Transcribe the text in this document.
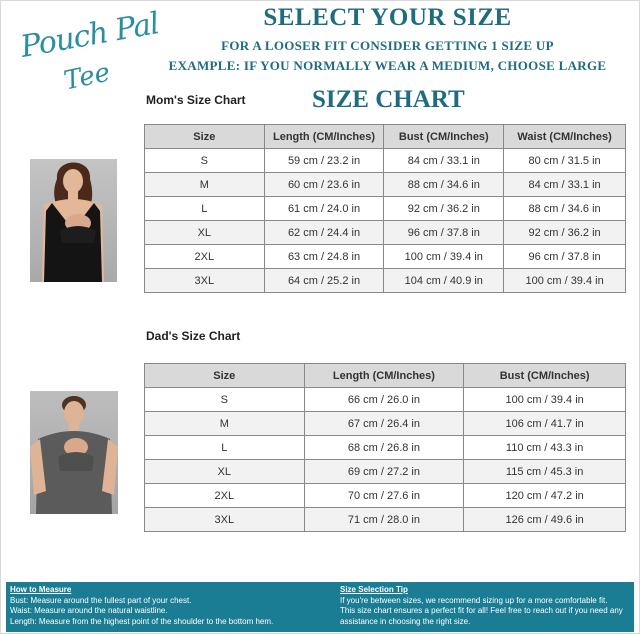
Pouch Pal
Tee
SELECT YOUR SIZE
FOR A LOOSER FIT CONSIDER GETTING 1 SIZE UP
EXAMPLE: IF YOU NORMALLY WEAR A MEDIUM, CHOOSE LARGE
Mom's Size Chart	SIZE CHART
Size	Length (CM/Inches)	Bust (CM/Inches)	Waist (CM/Inches)
S	59 cm / 23.2 in	84 cm / 33.1 in	80 cm / 31.5 in
M	60 cm / 23.6 in	88 cm / 34.6 in	84 cm / 33.1 in
L	61 cm / 24.0 in	92 cm / 36.2 in	88 cm / 34.6 in
XL	62 cm / 24.4 in	96 cm / 37.8 in	92 cm / 36.2 in
2XL	63 cm / 24.8 in	100 cm / 39.4 in	96 cm / 37.8 in
3XL	64 cm / 25.2 in	104 cm / 40.9 in	100 cm / 39.4 in
Dad's Size Chart
Size	Length (CM/Inches)	Bust (CM/Inches)
S	66 cm / 26.0 in	100 cm / 39.4 in
M	67 cm / 26.4 in	106 cm / 41.7 in
L	68 cm / 26.8 in	110 cm / 43.3 in
XL	69 cm / 27.2 in	115 cm / 45.3 in
2XL	70 cm / 27.6 in	120 cm / 47.2 in
3XL	71 cm / 28.0 in	126 cm / 49.6 in
How to Measure
Bust: Measure around the fullest part of your chest.
Waist: Measure around the natural waistline.
Length: Measure from the highest point of the shoulder to the bottom hem.
Size Selection Tip
If you're between sizes, we recommend sizing up for a more comfortable fit.
This size chart ensures a perfect fit for all! Feel free to reach out if you need any
assistance in choosing the right size.
